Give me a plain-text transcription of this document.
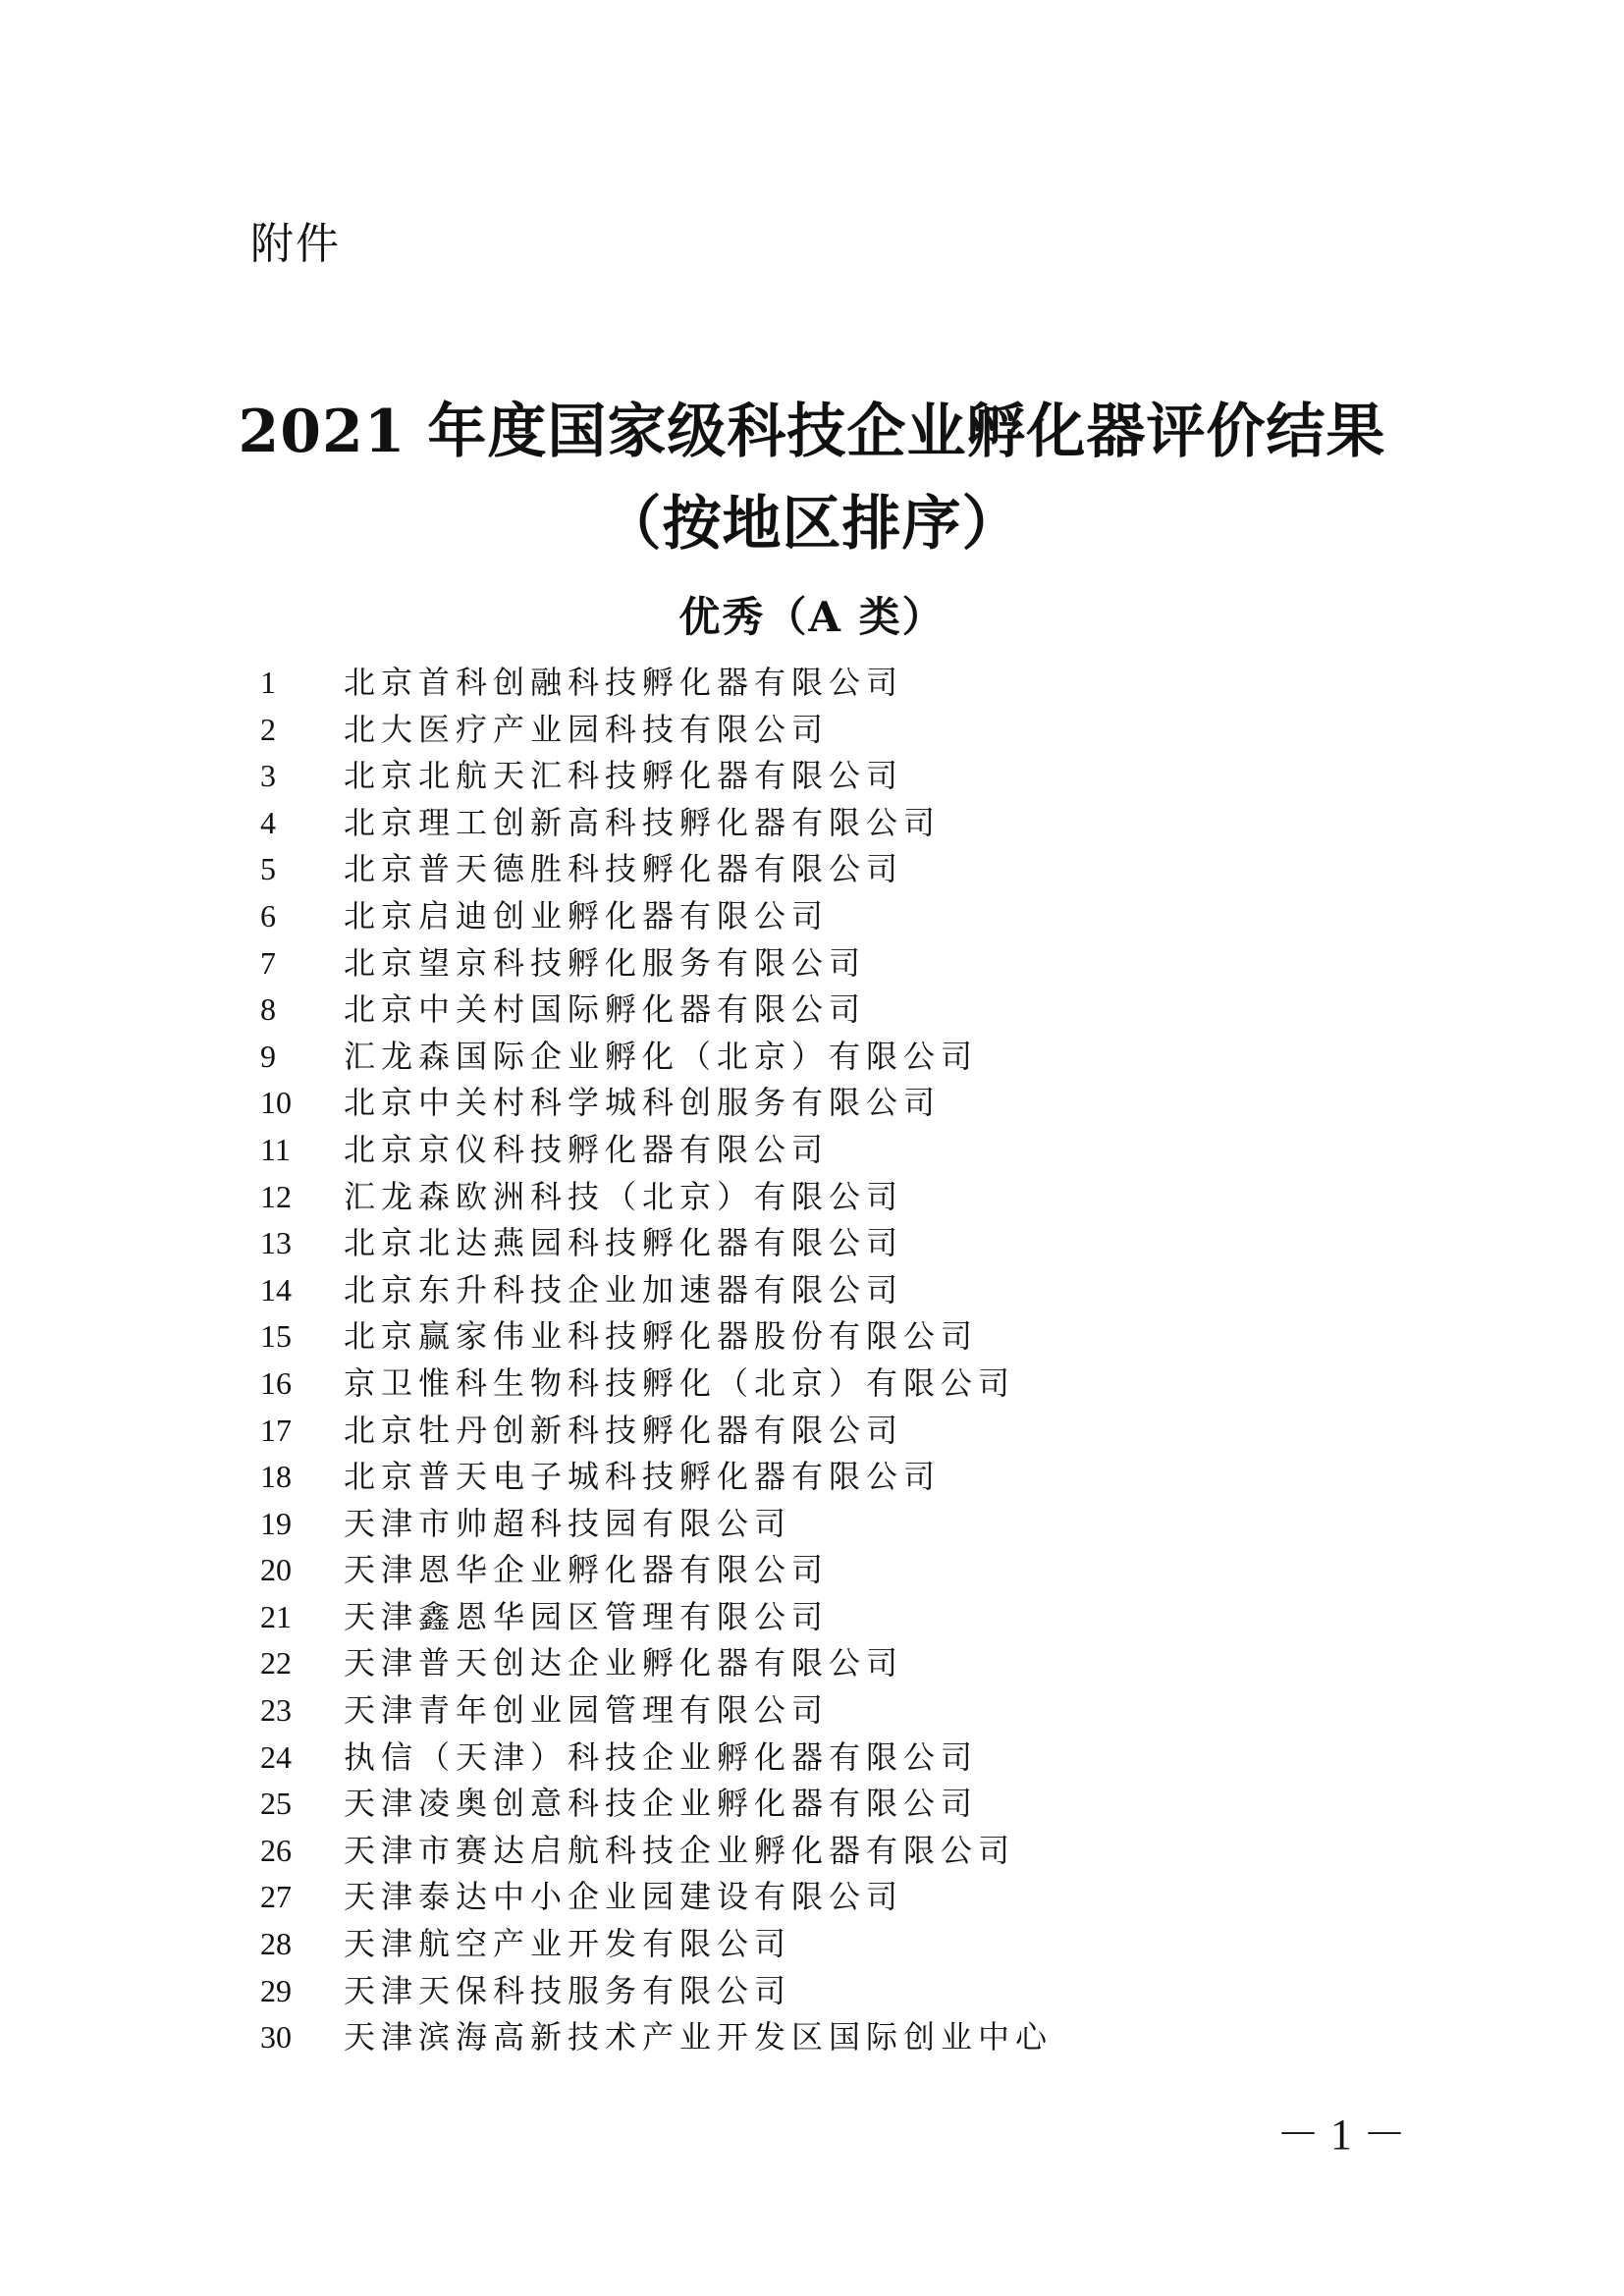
附件
2021 年度国家级科技企业孵化器评价结果
（按地区排序）
优秀（A 类）
1 北京首科创融科技孵化器有限公司
2 北大医疗产业园科技有限公司
3 北京北航天汇科技孵化器有限公司
4 北京理工创新高科技孵化器有限公司
5 北京普天德胜科技孵化器有限公司
6 北京启迪创业孵化器有限公司
7 北京望京科技孵化服务有限公司
8 北京中关村国际孵化器有限公司
9 汇龙森国际企业孵化（北京）有限公司
10 北京中关村科学城科创服务有限公司
11 北京京仪科技孵化器有限公司
12 汇龙森欧洲科技（北京）有限公司
13 北京北达燕园科技孵化器有限公司
14 北京东升科技企业加速器有限公司
15 北京赢家伟业科技孵化器股份有限公司
16 京卫惟科生物科技孵化（北京）有限公司
17 北京牡丹创新科技孵化器有限公司
18 北京普天电子城科技孵化器有限公司
19 天津市帅超科技园有限公司
20 天津恩华企业孵化器有限公司
21 天津鑫恩华园区管理有限公司
22 天津普天创达企业孵化器有限公司
23 天津青年创业园管理有限公司
24 执信（天津）科技企业孵化器有限公司
25 天津凌奥创意科技企业孵化器有限公司
26 天津市赛达启航科技企业孵化器有限公司
27 天津泰达中小企业园建设有限公司
28 天津航空产业开发有限公司
29 天津天保科技服务有限公司
30 天津滨海高新技术产业开发区国际创业中心
－ 1 －
